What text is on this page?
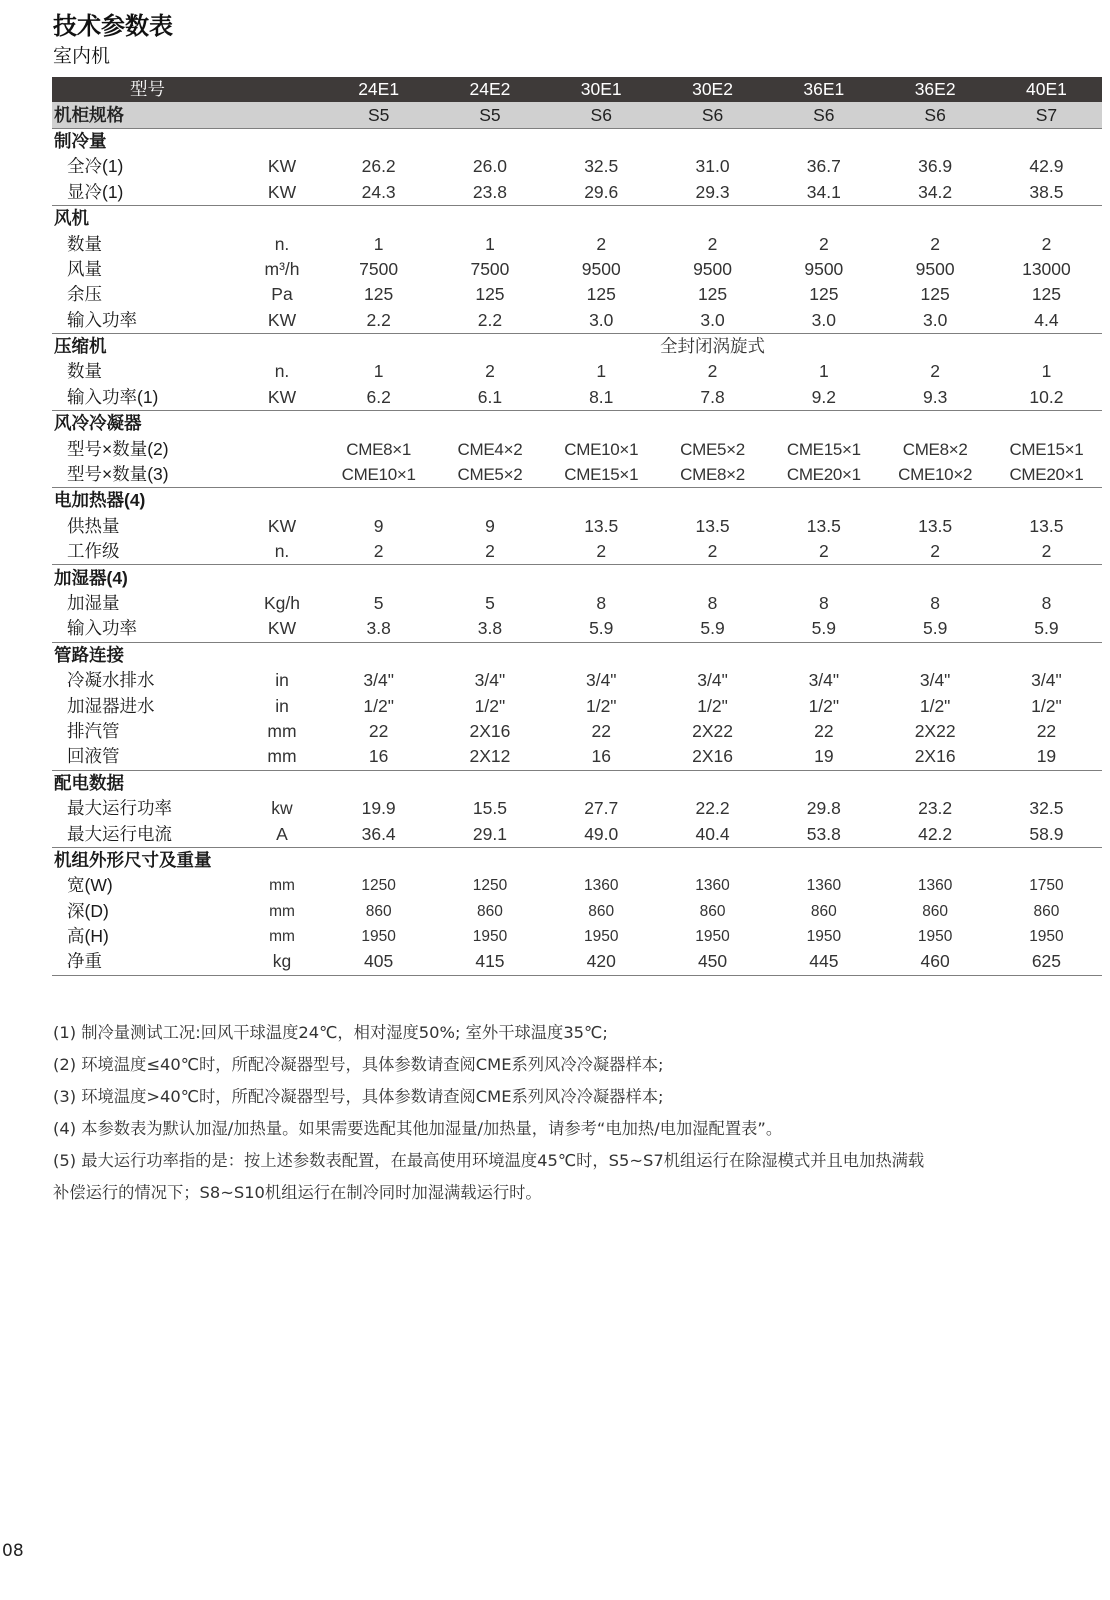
技术参数表
室内机
型号		24E1	24E2	30E1	30E2	36E1	36E2	40E1
机柜规格		S5	S5	S6	S6	S6	S6	S7
制冷量								
全冷(1)	KW	26.2	26.0	32.5	31.0	36.7	36.9	42.9
显冷(1)	KW	24.3	23.8	29.6	29.3	34.1	34.2	38.5
风机								
数量	n.	1	1	2	2	2	2	2
风量	m³/h	7500	7500	9500	9500	9500	9500	13000
余压	Pa	125	125	125	125	125	125	125
输入功率	KW	2.2	2.2	3.0	3.0	3.0	3.0	4.4
压缩机		全封闭涡旋式						
数量	n.	1	2	1	2	1	2	1
输入功率(1)	KW	6.2	6.1	8.1	7.8	9.2	9.3	10.2
风冷冷凝器								
型号×数量(2)		CME8×1	CME4×2	CME10×1	CME5×2	CME15×1	CME8×2	CME15×1
型号×数量(3)		CME10×1	CME5×2	CME15×1	CME8×2	CME20×1	CME10×2	CME20×1
电加热器(4)								
供热量	KW	9	9	13.5	13.5	13.5	13.5	13.5
工作级	n.	2	2	2	2	2	2	2
加湿器(4)								
加湿量	Kg/h	5	5	8	8	8	8	8
输入功率	KW	3.8	3.8	5.9	5.9	5.9	5.9	5.9
管路连接								
冷凝水排水	in	3/4"	3/4"	3/4"	3/4"	3/4"	3/4"	3/4"
加湿器进水	in	1/2"	1/2"	1/2"	1/2"	1/2"	1/2"	1/2"
排汽管	mm	22	2X16	22	2X22	22	2X22	22
回液管	mm	16	2X12	16	2X16	19	2X16	19
配电数据								
最大运行功率	kw	19.9	15.5	27.7	22.2	29.8	23.2	32.5
最大运行电流	A	36.4	29.1	49.0	40.4	53.8	42.2	58.9
机组外形尺寸及重量								
宽(W)	mm	1250	1250	1360	1360	1360	1360	1750
深(D)	mm	860	860	860	860	860	860	860
高(H)	mm	1950	1950	1950	1950	1950	1950	1950
净重	kg	405	415	420	450	445	460	625
(1) 制冷量测试工况:回风干球温度24℃，相对湿度50%; 室外干球温度35℃;
(2) 环境温度≤40℃时，所配冷凝器型号，具体参数请查阅CME系列风冷冷凝器样本;
(3) 环境温度>40℃时，所配冷凝器型号，具体参数请查阅CME系列风冷冷凝器样本;
(4) 本参数表为默认加湿/加热量。如果需要选配其他加湿量/加热量，请参考“电加热/电加湿配置表”。
(5) 最大运行功率指的是：按上述参数表配置，在最高使用环境温度45℃时，S5~S7机组运行在除湿模式并且电加热满载
补偿运行的情况下；S8~S10机组运行在制冷同时加湿满载运行时。
08
